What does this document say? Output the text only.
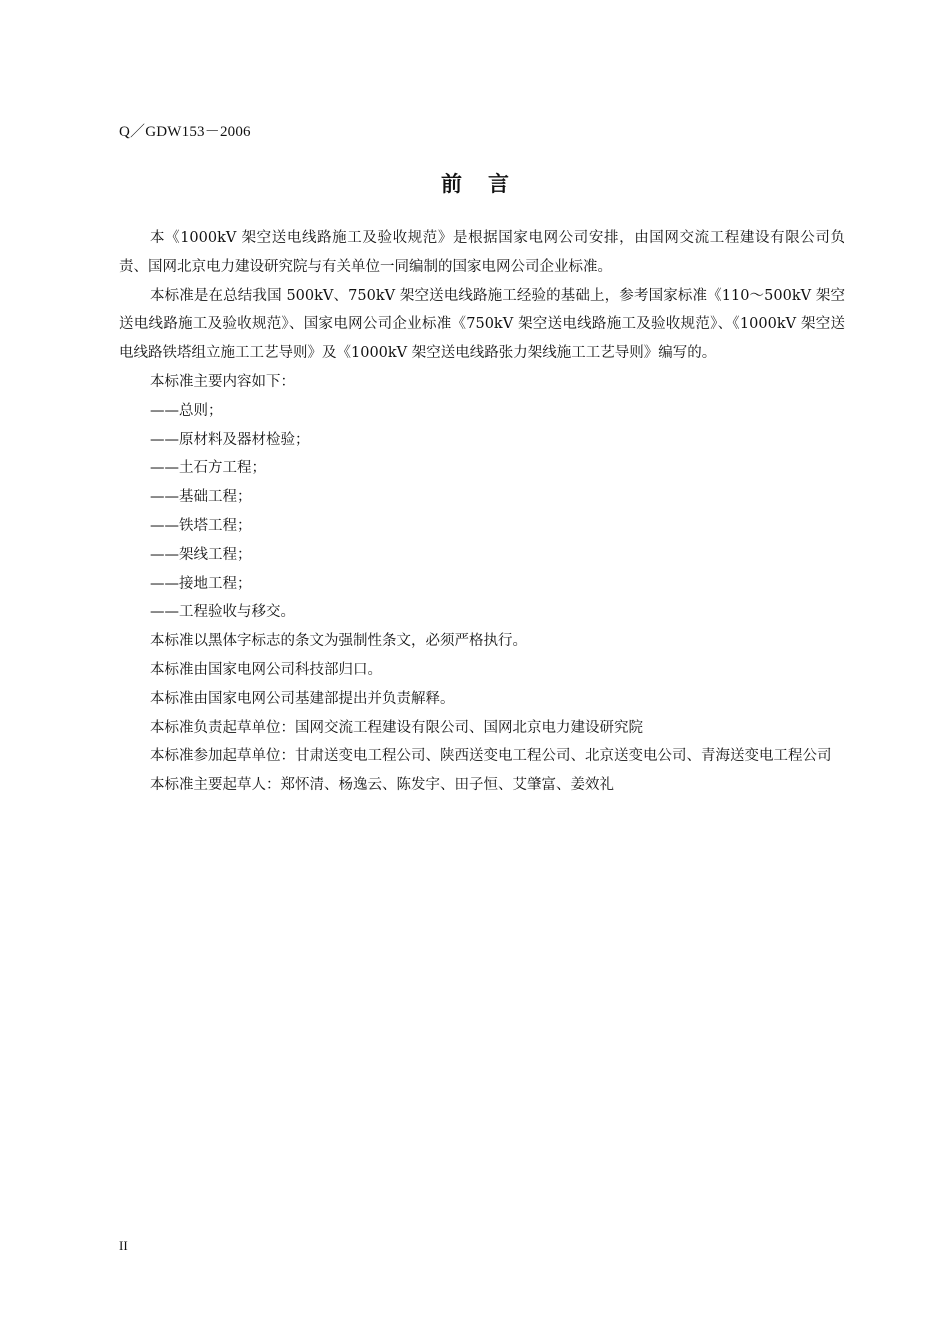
Q／GDW153－2006
前言

本《1000kV 架空送电线路施工及验收规范》是根据国家电网公司安排，由国网交流工程建设有限公司负责、国网北京电力建设研究院与有关单位一同编制的国家电网公司企业标准。

本标准是在总结我国 500kV、750kV 架空送电线路施工经验的基础上，参考国家标准《110～500kV 架空送电线路施工及验收规范》、国家电网公司企业标准《750kV 架空送电线路施工及验收规范》、《1000kV 架空送电线路铁塔组立施工工艺导则》及《1000kV 架空送电线路张力架线施工工艺导则》编写的。

本标准主要内容如下：

——总则；

——原材料及器材检验；

——土石方工程；

——基础工程；

——铁塔工程；

——架线工程；

——接地工程；

——工程验收与移交。

本标准以黑体字标志的条文为强制性条文，必须严格执行。

本标准由国家电网公司科技部归口。

本标准由国家电网公司基建部提出并负责解释。

本标准负责起草单位：国网交流工程建设有限公司、国网北京电力建设研究院

本标准参加起草单位：甘肃送变电工程公司、陕西送变电工程公司、北京送变电公司、青海送变电工程公司

本标准主要起草人：郑怀清、杨逸云、陈发宇、田子恒、艾肇富、姜效礼

II
